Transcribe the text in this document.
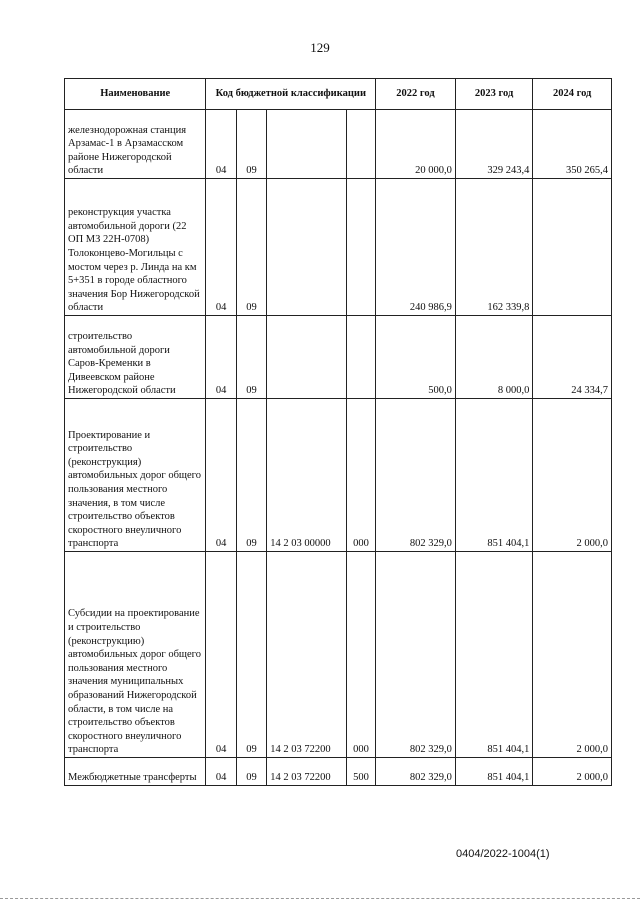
129
Наименование	Код бюджетной классификации				2022 год	2023 год	2024 год
железнодорожная станция Арзамас-1 в Арзамасском районе Нижегородской области	04	09			20 000,0	329 243,4	350 265,4
реконструкция участка автомобильной дороги (22 ОП МЗ 22Н-0708) Толоконцево-Могильцы с мостом через р. Линда на км 5+351 в городе областного значения Бор Нижегородской области	04	09			240 986,9	162 339,8	
строительство автомобильной дороги Саров-Кременки в Дивеевском районе Нижегородской области	04	09			500,0	8 000,0	24 334,7
Проектирование и строительство (реконструкция) автомобильных дорог общего пользования местного значения, в том числе строительство объектов скоростного внеуличного транспорта	04	09	14 2 03 00000	000	802 329,0	851 404,1	2 000,0
Субсидии на проектирование и строительство (реконструкцию) автомобильных дорог общего пользования местного значения муниципальных образований Нижегородской области, в том числе на строительство объектов скоростного внеуличного транспорта	04	09	14 2 03 72200	000	802 329,0	851 404,1	2 000,0
Межбюджетные трансферты	04	09	14 2 03 72200	500	802 329,0	851 404,1	2 000,0
0404/2022-1004(1)
